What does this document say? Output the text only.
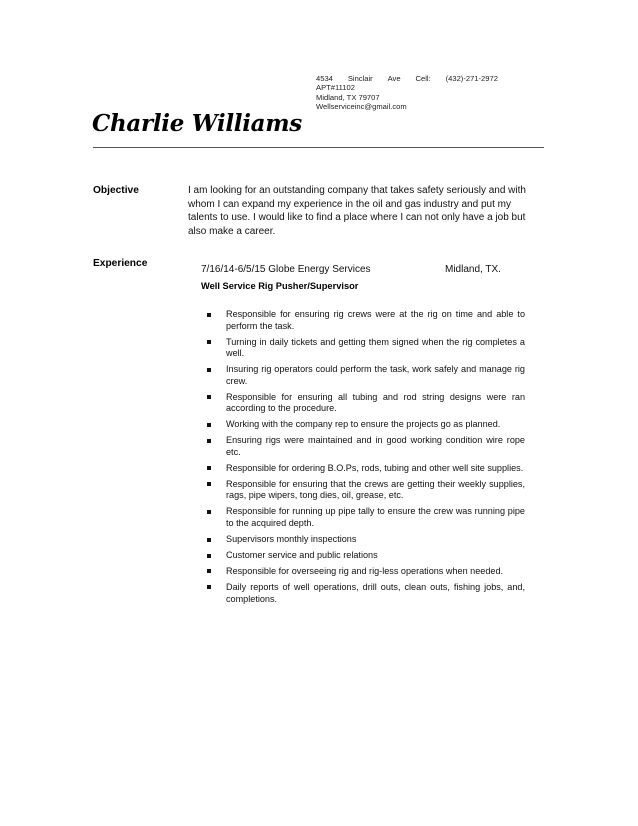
4534 Sinclair Ave Cell: (432)-271-2972
APT#11102
Midland, TX 79707
Wellserviceinc@gmail.com
Charlie Williams
Objective	I am looking for an outstanding company that takes safety seriously and with whom I can expand my experience in the oil and gas industry and put my talents to use. I would like to find a place where I can not only have a job but also make a career.
Experience
7/16/14-6/5/15 Globe Energy Services	Midland, TX.
Well Service Rig Pusher/Supervisor
Responsible for ensuring rig crews were at the rig on time and able to perform the task.
Turning in daily tickets and getting them signed when the rig completes a well.
Insuring rig operators could perform the task, work safely and manage rig crew.
Responsible for ensuring all tubing and rod string designs were ran according to the procedure.
Working with the company rep to ensure the projects go as planned.
Ensuring rigs were maintained and in good working condition wire rope etc.
Responsible for ordering B.O.Ps, rods, tubing and other well site supplies.
Responsible for ensuring that the crews are getting their weekly supplies, rags, pipe wipers, tong dies, oil, grease, etc.
Responsible for running up pipe tally to ensure the crew was running pipe to the acquired depth.
Supervisors monthly inspections
Customer service and public relations
Responsible for overseeing rig and rig-less operations when needed.
Daily reports of well operations, drill outs, clean outs, fishing jobs, and, completions.
